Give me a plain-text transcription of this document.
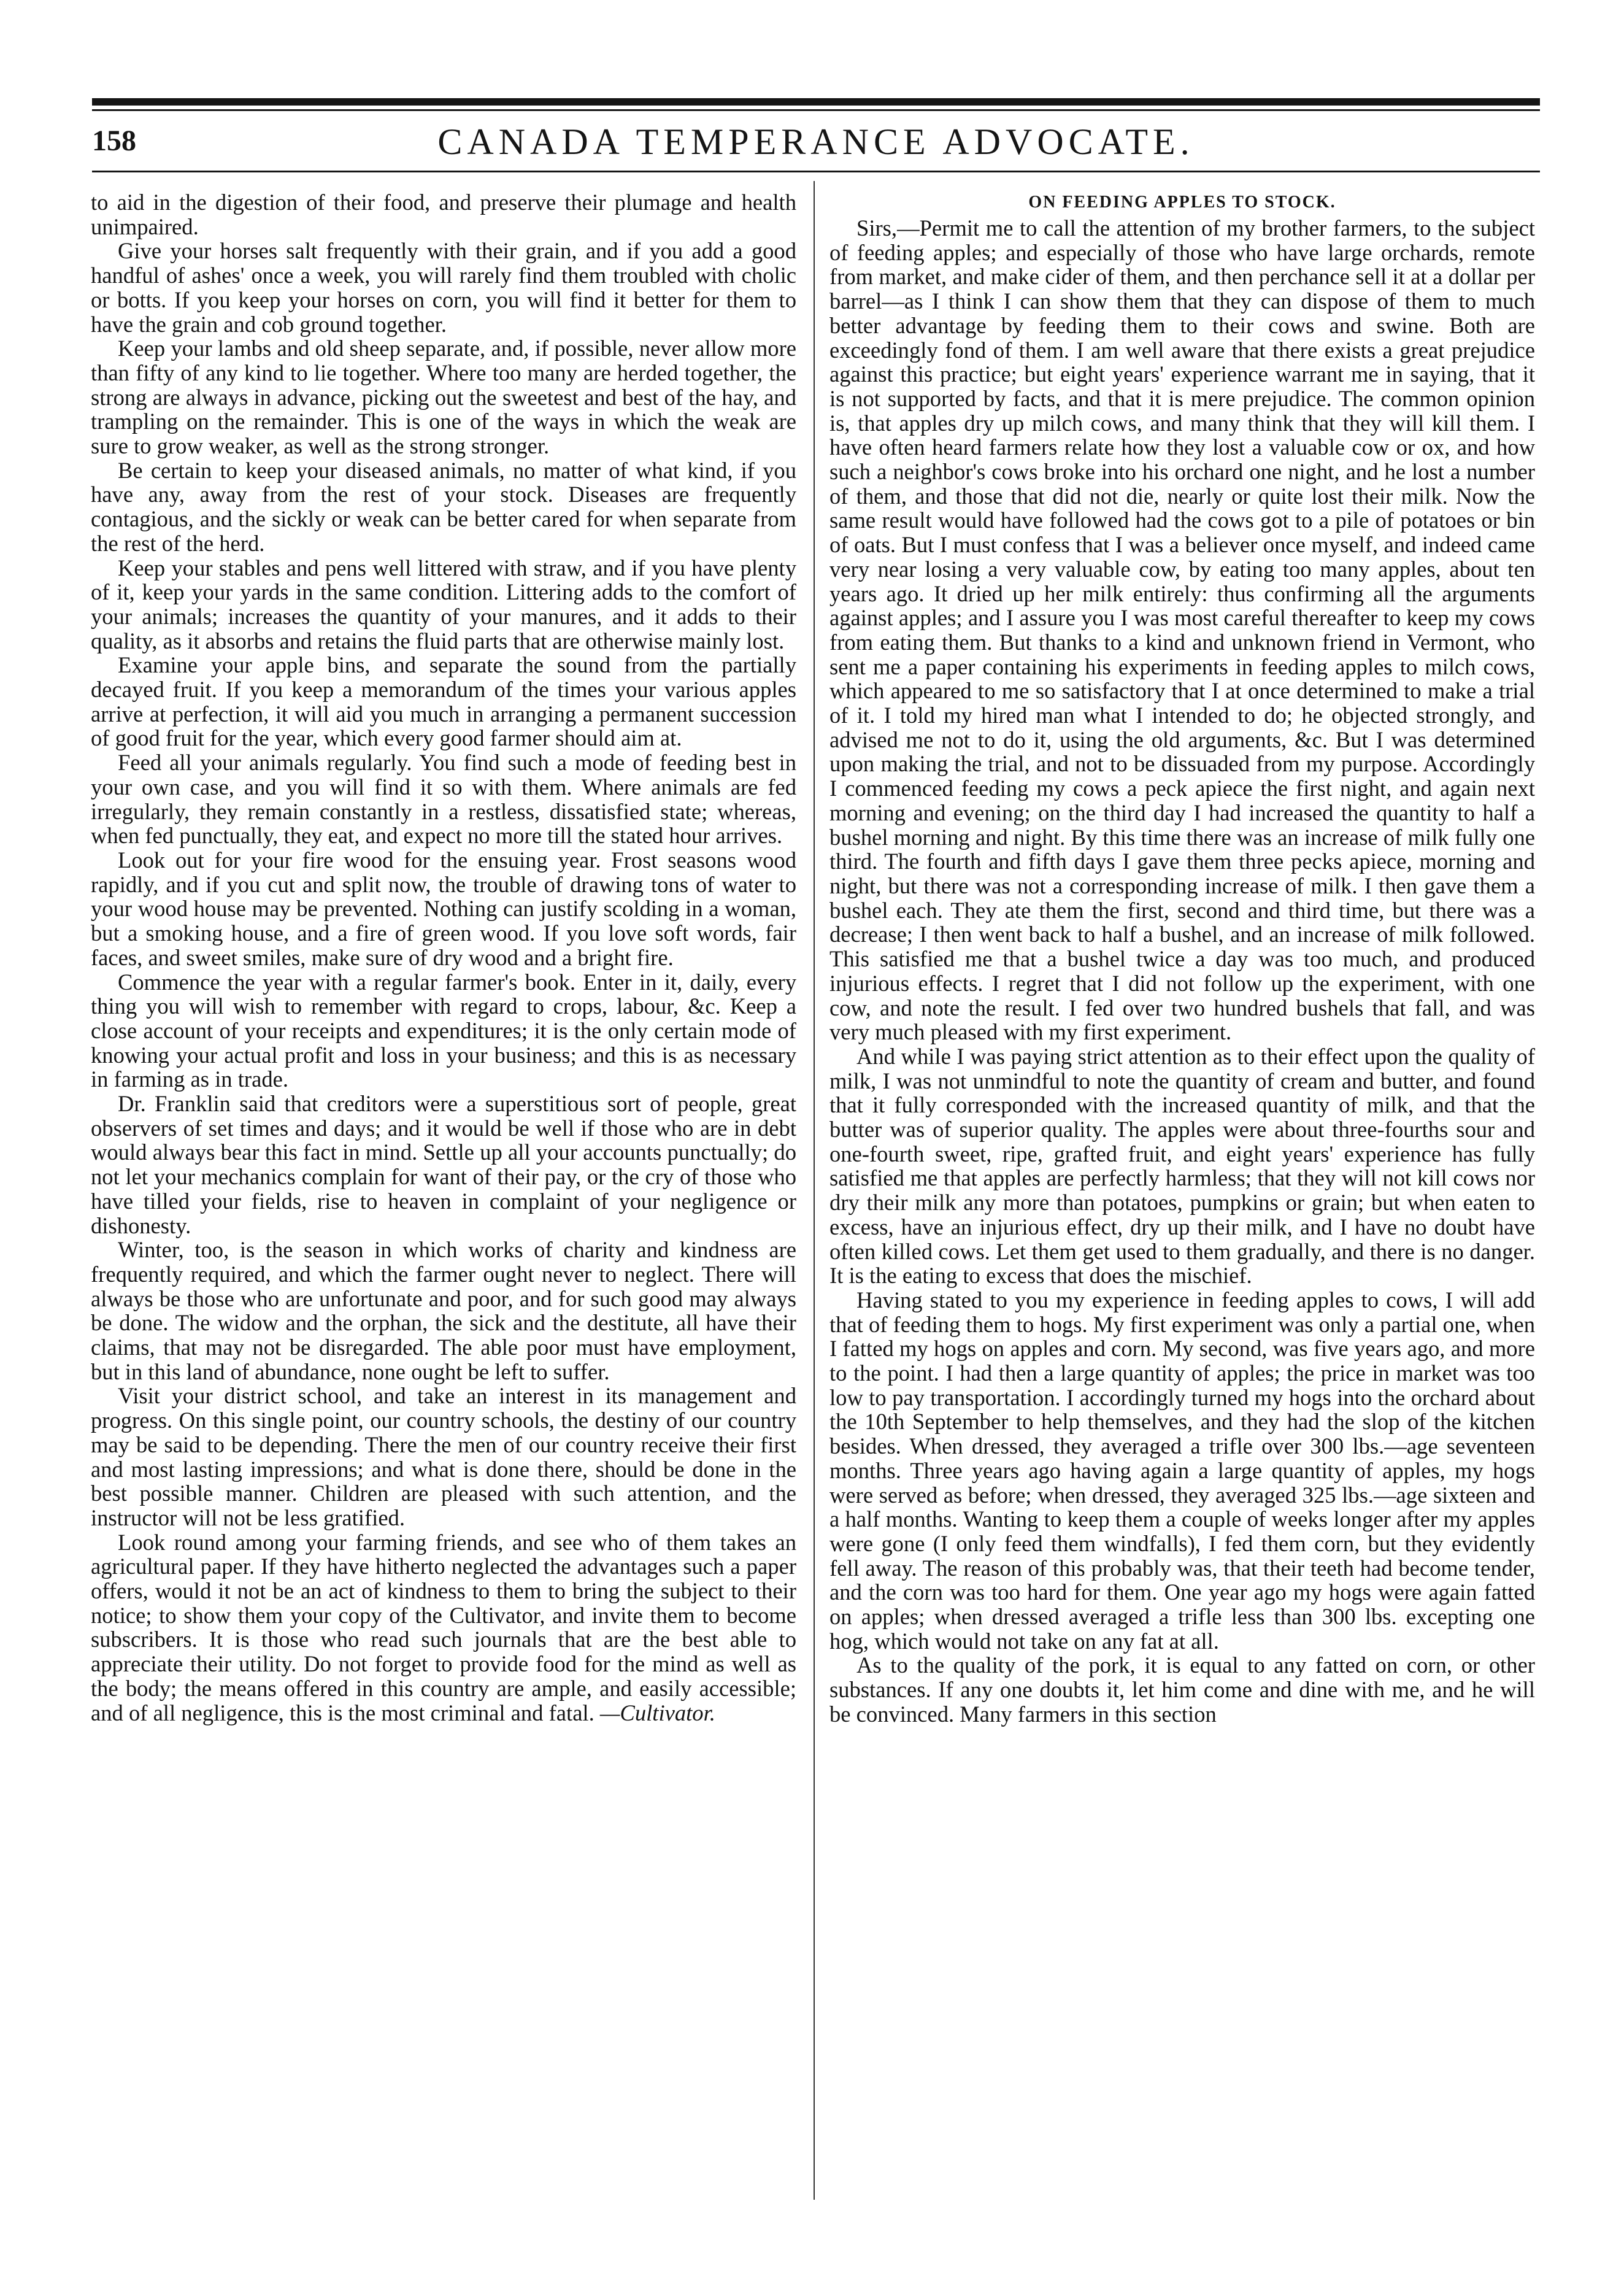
158	CANADA TEMPERANCE ADVOCATE.

to aid in the digestion of their food, and preserve their plumage and health unimpaired.

Give your horses salt frequently with their grain, and if you add a good handful of ashes' once a week, you will rarely find them troubled with cholic or botts. If you keep your horses on corn, you will find it better for them to have the grain and cob ground together.

Keep your lambs and old sheep separate, and, if possible, never allow more than fifty of any kind to lie together. Where too many are herded together, the strong are always in advance, picking out the sweetest and best of the hay, and trampling on the remainder. This is one of the ways in which the weak are sure to grow weaker, as well as the strong stronger.

Be certain to keep your diseased animals, no matter of what kind, if you have any, away from the rest of your stock. Diseases are frequently contagious, and the sickly or weak can be better cared for when separate from the rest of the herd.

Keep your stables and pens well littered with straw, and if you have plenty of it, keep your yards in the same condition. Littering adds to the comfort of your animals; increases the quantity of your manures, and it adds to their quality, as it absorbs and retains the fluid parts that are otherwise mainly lost.

Examine your apple bins, and separate the sound from the partially decayed fruit. If you keep a memorandum of the times your various apples arrive at perfection, it will aid you much in arranging a permanent succession of good fruit for the year, which every good farmer should aim at.

Feed all your animals regularly. You find such a mode of feeding best in your own case, and you will find it so with them. Where animals are fed irregularly, they remain constantly in a restless, dissatisfied state; whereas, when fed punctually, they eat, and expect no more till the stated hour arrives.

Look out for your fire wood for the ensuing year. Frost seasons wood rapidly, and if you cut and split now, the trouble of drawing tons of water to your wood house may be prevented. Nothing can justify scolding in a woman, but a smoking house, and a fire of green wood. If you love soft words, fair faces, and sweet smiles, make sure of dry wood and a bright fire.

Commence the year with a regular farmer's book. Enter in it, daily, every thing you will wish to remember with regard to crops, labour, &c. Keep a close account of your receipts and expenditures; it is the only certain mode of knowing your actual profit and loss in your business; and this is as necessary in farming as in trade.

Dr. Franklin said that creditors were a superstitious sort of people, great observers of set times and days; and it would be well if those who are in debt would always bear this fact in mind. Settle up all your accounts punctually; do not let your mechanics complain for want of their pay, or the cry of those who have tilled your fields, rise to heaven in complaint of your negligence or dishonesty.

Winter, too, is the season in which works of charity and kindness are frequently required, and which the farmer ought never to neglect. There will always be those who are unfortunate and poor, and for such good may always be done. The widow and the orphan, the sick and the destitute, all have their claims, that may not be disregarded. The able poor must have employment, but in this land of abundance, none ought be left to suffer.

Visit your district school, and take an interest in its management and progress. On this single point, our country schools, the destiny of our country may be said to be depending. There the men of our country receive their first and most lasting impressions; and what is done there, should be done in the best possible manner. Children are pleased with such attention, and the instructor will not be less gratified.

Look round among your farming friends, and see who of them takes an agricultural paper. If they have hitherto neglected the advantages such a paper offers, would it not be an act of kindness to them to bring the subject to their notice; to show them your copy of the Cultivator, and invite them to become subscribers. It is those who read such journals that are the best able to appreciate their utility. Do not forget to provide food for the mind as well as the body; the means offered in this country are ample, and easily accessible; and of all negligence, this is the most criminal and fatal. —Cultivator.

ON FEEDING APPLES TO STOCK.

Sirs,—Permit me to call the attention of my brother farmers, to the subject of feeding apples; and especially of those who have large orchards, remote from market, and make cider of them, and then perchance sell it at a dollar per barrel—as I think I can show them that they can dispose of them to much better advantage by feeding them to their cows and swine. Both are exceedingly fond of them. I am well aware that there exists a great prejudice against this practice; but eight years' experience warrant me in saying, that it is not supported by facts, and that it is mere prejudice. The common opinion is, that apples dry up milch cows, and many think that they will kill them. I have often heard farmers relate how they lost a valuable cow or ox, and how such a neighbor's cows broke into his orchard one night, and he lost a number of them, and those that did not die, nearly or quite lost their milk. Now the same result would have followed had the cows got to a pile of potatoes or bin of oats. But I must confess that I was a believer once myself, and indeed came very near losing a very valuable cow, by eating too many apples, about ten years ago. It dried up her milk entirely: thus confirming all the arguments against apples; and I assure you I was most careful thereafter to keep my cows from eating them. But thanks to a kind and unknown friend in Vermont, who sent me a paper containing his experiments in feeding apples to milch cows, which appeared to me so satisfactory that I at once determined to make a trial of it. I told my hired man what I intended to do; he objected strongly, and advised me not to do it, using the old arguments, &c. But I was determined upon making the trial, and not to be dissuaded from my purpose. Accordingly I commenced feeding my cows a peck apiece the first night, and again next morning and evening; on the third day I had increased the quantity to half a bushel morning and night. By this time there was an increase of milk fully one third. The fourth and fifth days I gave them three pecks apiece, morning and night, but there was not a corresponding increase of milk. I then gave them a bushel each. They ate them the first, second and third time, but there was a decrease; I then went back to half a bushel, and an increase of milk followed. This satisfied me that a bushel twice a day was too much, and produced injurious effects. I regret that I did not follow up the experiment, with one cow, and note the result. I fed over two hundred bushels that fall, and was very much pleased with my first experiment.

And while I was paying strict attention as to their effect upon the quality of milk, I was not unmindful to note the quantity of cream and butter, and found that it fully corresponded with the increased quantity of milk, and that the butter was of superior quality. The apples were about three-fourths sour and one-fourth sweet, ripe, grafted fruit, and eight years' experience has fully satisfied me that apples are perfectly harmless; that they will not kill cows nor dry their milk any more than potatoes, pumpkins or grain; but when eaten to excess, have an injurious effect, dry up their milk, and I have no doubt have often killed cows. Let them get used to them gradually, and there is no danger. It is the eating to excess that does the mischief.

Having stated to you my experience in feeding apples to cows, I will add that of feeding them to hogs. My first experiment was only a partial one, when I fatted my hogs on apples and corn. My second, was five years ago, and more to the point. I had then a large quantity of apples; the price in market was too low to pay transportation. I accordingly turned my hogs into the orchard about the 10th September to help themselves, and they had the slop of the kitchen besides. When dressed, they averaged a trifle over 300 lbs.—age seventeen months. Three years ago having again a large quantity of apples, my hogs were served as before; when dressed, they averaged 325 lbs.—age sixteen and a half months. Wanting to keep them a couple of weeks longer after my apples were gone (I only feed them windfalls), I fed them corn, but they evidently fell away. The reason of this probably was, that their teeth had become tender, and the corn was too hard for them. One year ago my hogs were again fatted on apples; when dressed averaged a trifle less than 300 lbs. excepting one hog, which would not take on any fat at all.

As to the quality of the pork, it is equal to any fatted on corn, or other substances. If any one doubts it, let him come and dine with me, and he will be convinced. Many farmers in this section
